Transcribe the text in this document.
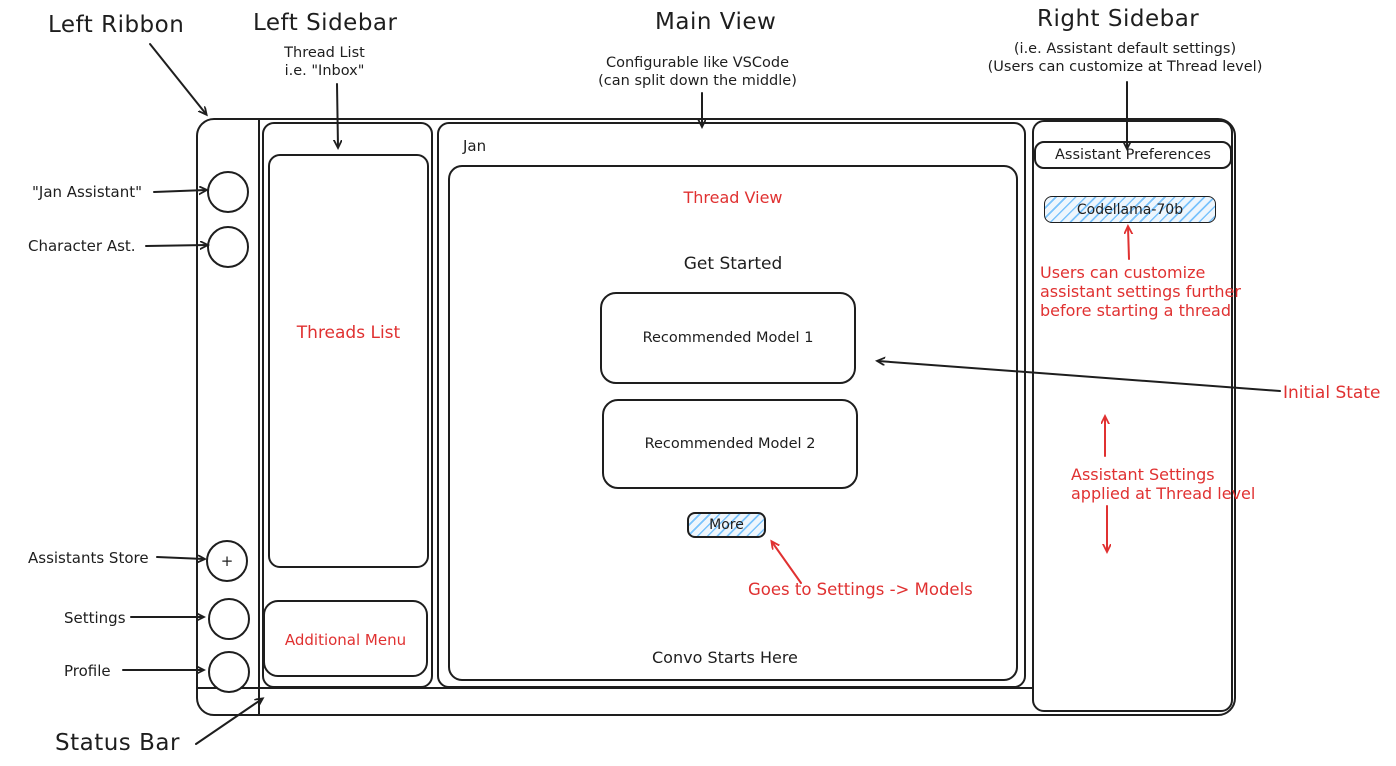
+
Threads List
Additional Menu
Jan
Thread View
Get Started
Recommended Model 1
Recommended Model 2
More
Convo Starts Here
Assistant Preferences
Codellama-70b
Left Ribbon	Left Sidebar
Thread List
i.e. "Inbox"
Main View
Configurable like VSCode
(can split down the middle)
Right Sidebar
(i.e. Assistant default settings)
(Users can customize at Thread level)
"Jan Assistant"
Character Ast.
Assistants Store
Settings
Profile
Status Bar
Users can customize
assistant settings further
before starting a thread
Initial State
Assistant Settings
applied at Thread level
Goes to Settings -> Models
